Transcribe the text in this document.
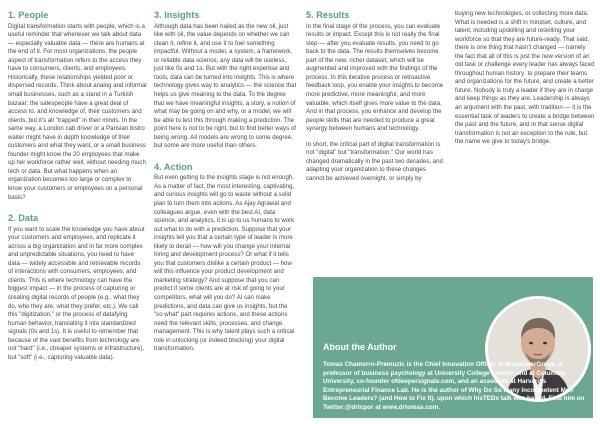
1. People

Digital transformation starts with people, which is a useful reminder that whenever we talk about data — especially valuable data — there are humans at the end of it. For most organizations, the people aspect of transformation refers to the access they have to consumers, clients, and employees. Historically, these relationships yielded poor or dispersed records. Think about analog and informal small businesses, such as a stand in a Turkish bazaar: the salespeople have a great deal of access to, and knowledge of, their customers and clients, but it's all "trapped" in their minds. In the same way, a London cab driver or a Parisian bistro waiter might have in depth knowledge of their customers and what they want, or a small business founder might know the 20 employees that make up her workforce rather well, without needing much tech or data. But what happens when an organization becomes too large or complex to know your customers or employees on a personal basis?

2. Data

If you want to scale the knowledge you have about your customers and employees, and replicate it across a big organization and in far more complex and unpredictable situations, you need to have data — widely accessible and retrievable records of interactions with consumers, employees, and clients. This is where technology can have the biggest impact — in the process of capturing or creating digital records of people (e.g., what they do, who they are, what they prefer, etc.). We call this "digitization," or the process of datafying human behavior, translating it into standardized signals (0s and 1s). It is useful to remember that because of the vast benefits from technology are not "hard" (i.e., cheaper systems or infrastructure), but "soft" (i.e., capturing valuable data).

3. Insights

Although data has been hailed as the new oil, just like with oil, the value depends on whether we can clean it, refine it, and use it to fuel something impactful. Without a model, a system, a framework, or reliable data science, any data will be useless, just like 0s and 1s. But with the right expertise and tools, data can be turned into insights. This is where technology gives way to analytics — the science that helps us give meaning to the data. To the degree that we have meaningful insights, a story, a notion of what may be going on and why, or a model, we will be able to test this through making a prediction. The point here is not to be right, but to find better ways of being wrong. All models are wrong to some degree, but some are more useful than others.

4. Action

But even getting to the insights stage is not enough. As a matter of fact, the most interesting, captivating, and curious insights will go to waste without a solid plan to turn them into actions. As Ajay Agrawal and colleagues argue, even with the best AI, data science, and analytics, it is up to us humans to work out what to do with a prediction. Suppose that your insights tell you that a certain type of leader is more likely to derail — how will you change your internal hiring and development process? Or what if it tells you that customers dislike a certain product — how will this influence your product development and marketing strategy? And suppose that you can predict if some clients are at risk of going to your competitors, what will you do? AI can make predictions, and data can give us insights, but the "so what" part requires actions, and these actions need the relevant skills, processes, and change management. This is why talent plays such a critical role in unlocking (or indeed blocking) your digital transformation.

5. Results

In the final stage of the process, you can evaluate results or impact. Except this is not really the final step — after you evaluate results, you need to go back to the data. The results themselves become part of the new, richer dataset, which will be augmented and improved with the findings of the process. In this iterative process or retroactive feedback loop, you enable your insights to become more predictive, more meaningful, and more valuable, which itself gives more value to the data. And in that process, you enhance and develop the people skills that are needed to produce a great synergy between humans and technology.

In short, the critical part of digital transformation is not "digital" but "transformation." Our world has changed dramatically in the past two decades, and adapting your organization to these changes cannot be achieved overnight, or simply by

buying new technologies, or collecting more data. What is needed is a shift in mindset, culture, and talent, including upskilling and reskilling your workforce so that they are future-ready. That said, there is one thing that hasn't changed — namely the fact that all of this is just the new version of an old task or challenge every leader has always faced throughout human history: to prepare their teams and organizations for the future, and create a better future. Nobody is truly a leader if they are in charge and keep things as they are. Leadership is always an argument with the past, with tradition — it is the essential task of leaders to create a bridge between the past and the future, and in that sense digital transformation is not an exception to the rule, but the name we give to today's bridge.

About the Author
Tomas Chamorro-Premuzic is the Chief Innovation Officer at ManpowerGroup, a professor of business psychology at University College London and at Columbia University, co-founder ofdeepersignals.com, and an associate at Harvard's Entrepreneurial Finance Lab. He is the author of Why Do So Many Incompetent Men Become Leaders? (and How to Fix It), upon which hisTEDx talk was based. Find him on Twitter:@drtcpor at www.drtomas.com.
